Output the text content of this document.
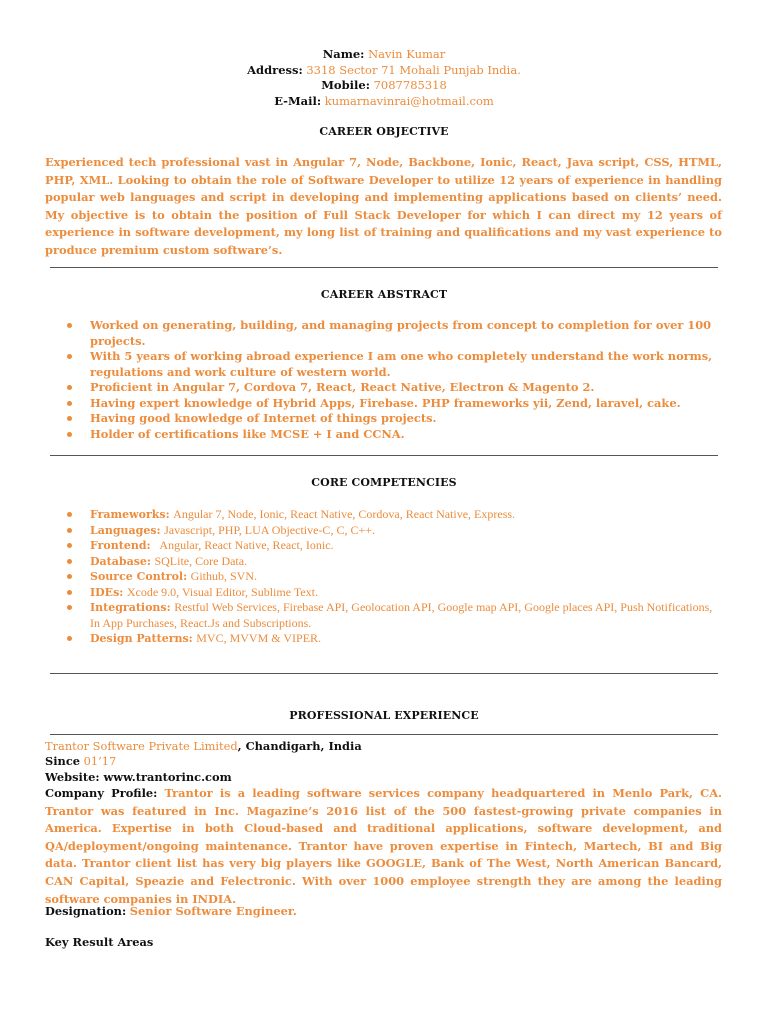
Name: Navin Kumar
Address: 3318 Sector 71 Mohali Punjab India.
Mobile: 7087785318
E-Mail: kumarnavinrai@hotmail.com
CAREER OBJECTIVE
Experienced tech professional vast in Angular 7, Node, Backbone, Ionic, React, Java script, CSS, HTML, PHP, XML. Looking to obtain the role of Software Developer to utilize 12 years of experience in handling popular web languages and script in developing and implementing applications based on clients’ need. My objective is to obtain the position of Full Stack Developer for which I can direct my 12 years of experience in software development, my long list of training and qualifications and my vast experience to produce premium custom software’s.
CAREER ABSTRACT
Worked on generating, building, and managing projects from concept to completion for over 100 projects.
With 5 years of working abroad experience I am one who completely understand the work norms, regulations and work culture of western world.
Proficient in Angular 7, Cordova 7, React, React Native, Electron & Magento 2.
Having expert knowledge of Hybrid Apps, Firebase. PHP frameworks yii, Zend, laravel, cake.
Having good knowledge of Internet of things projects.
Holder of certifications like MCSE + I and CCNA.
CORE COMPETENCIES
Frameworks: Angular 7, Node, Ionic, React Native, Cordova, React Native, Express.
Languages: Javascript, PHP, LUA Objective-C, C, C++.
Frontend:   Angular, React Native, React, Ionic.
Database: SQLite, Core Data.
Source Control: Github, SVN.
IDEs: Xcode 9.0, Visual Editor, Sublime Text.
Integrations: Restful Web Services, Firebase API, Geolocation API, Google map API, Google places API, Push Notifications, In App Purchases, React.Js and Subscriptions.
Design Patterns: MVC, MVVM & VIPER.
PROFESSIONAL EXPERIENCE
Trantor Software Private Limited, Chandigarh, India
Since 01’17
Website: www.trantorinc.com
Company Profile: Trantor is a leading software services company headquartered in Menlo Park, CA. Trantor was featured in Inc. Magazine’s 2016 list of the 500 fastest-growing private companies in America. Expertise in both Cloud-based and traditional applications, software development, and QA/deployment/ongoing maintenance. Trantor have proven expertise in Fintech, Martech, BI and Big data. Trantor client list has very big players like GOOGLE, Bank of The West, North American Bancard, CAN Capital, Speazie and Felectronic. With over 1000 employee strength they are among the leading software companies in INDIA.
Designation: Senior Software Engineer.
Key Result Areas
